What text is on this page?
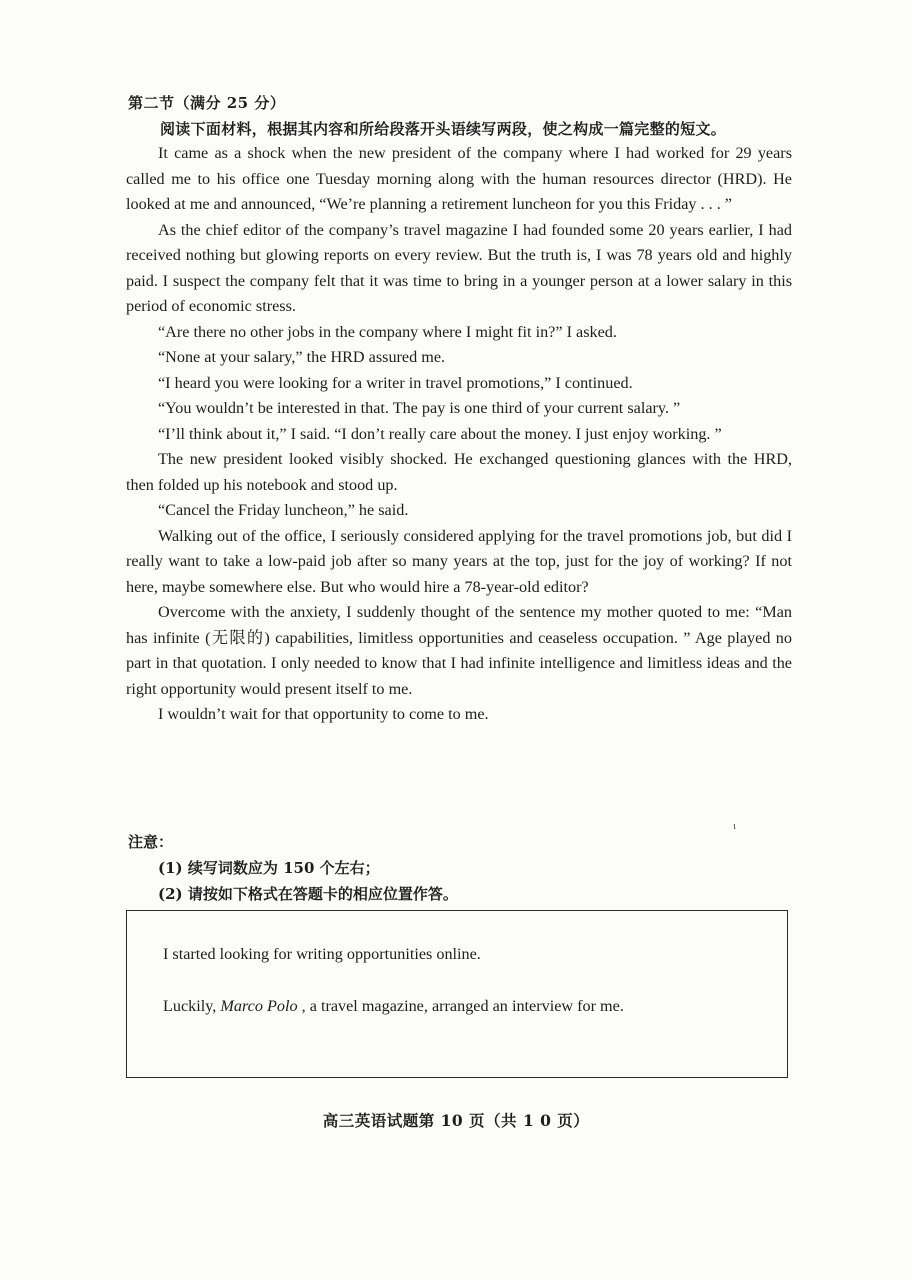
第二节（满分 25 分）
阅读下面材料，根据其内容和所给段落开头语续写两段，使之构成一篇完整的短文。

It came as a shock when the new president of the company where I had worked for 29 years called me to his office one Tuesday morning along with the human resources director (HRD). He looked at me and announced, “We’re planning a retirement luncheon for you this Friday . . . ”

As the chief editor of the company’s travel magazine I had founded some 20 years earlier, I had received nothing but glowing reports on every review. But the truth is, I was 78 years old and highly paid. I suspect the company felt that it was time to bring in a younger person at a lower salary in this period of economic stress.

“Are there no other jobs in the company where I might fit in?” I asked.

“None at your salary,” the HRD assured me.

“I heard you were looking for a writer in travel promotions,” I continued.

“You wouldn’t be interested in that. The pay is one third of your current salary. ”

“I’ll think about it,” I said. “I don’t really care about the money. I just enjoy working. ”

The new president looked visibly shocked. He exchanged questioning glances with the HRD, then folded up his notebook and stood up.

“Cancel the Friday luncheon,” he said.

Walking out of the office, I seriously considered applying for the travel promotions job, but did I really want to take a low-paid job after so many years at the top, just for the joy of working? If not here, maybe somewhere else. But who would hire a 78-year-old editor?

Overcome with the anxiety, I suddenly thought of the sentence my mother quoted to me: “Man has infinite (无限的) capabilities, limitless opportunities and ceaseless occupation. ” Age played no part in that quotation. I only needed to know that I had infinite intelligence and limitless ideas and the right opportunity would present itself to me.

I wouldn’t wait for that opportunity to come to me.

ι
注意：
(1) 续写词数应为 150 个左右；
(2) 请按如下格式在答题卡的相应位置作答。
I started looking for writing opportunities online.
Luckily, Marco Polo , a travel magazine, arranged an interview for me.
高三英语试题第 10 页（共 1 0 页）
